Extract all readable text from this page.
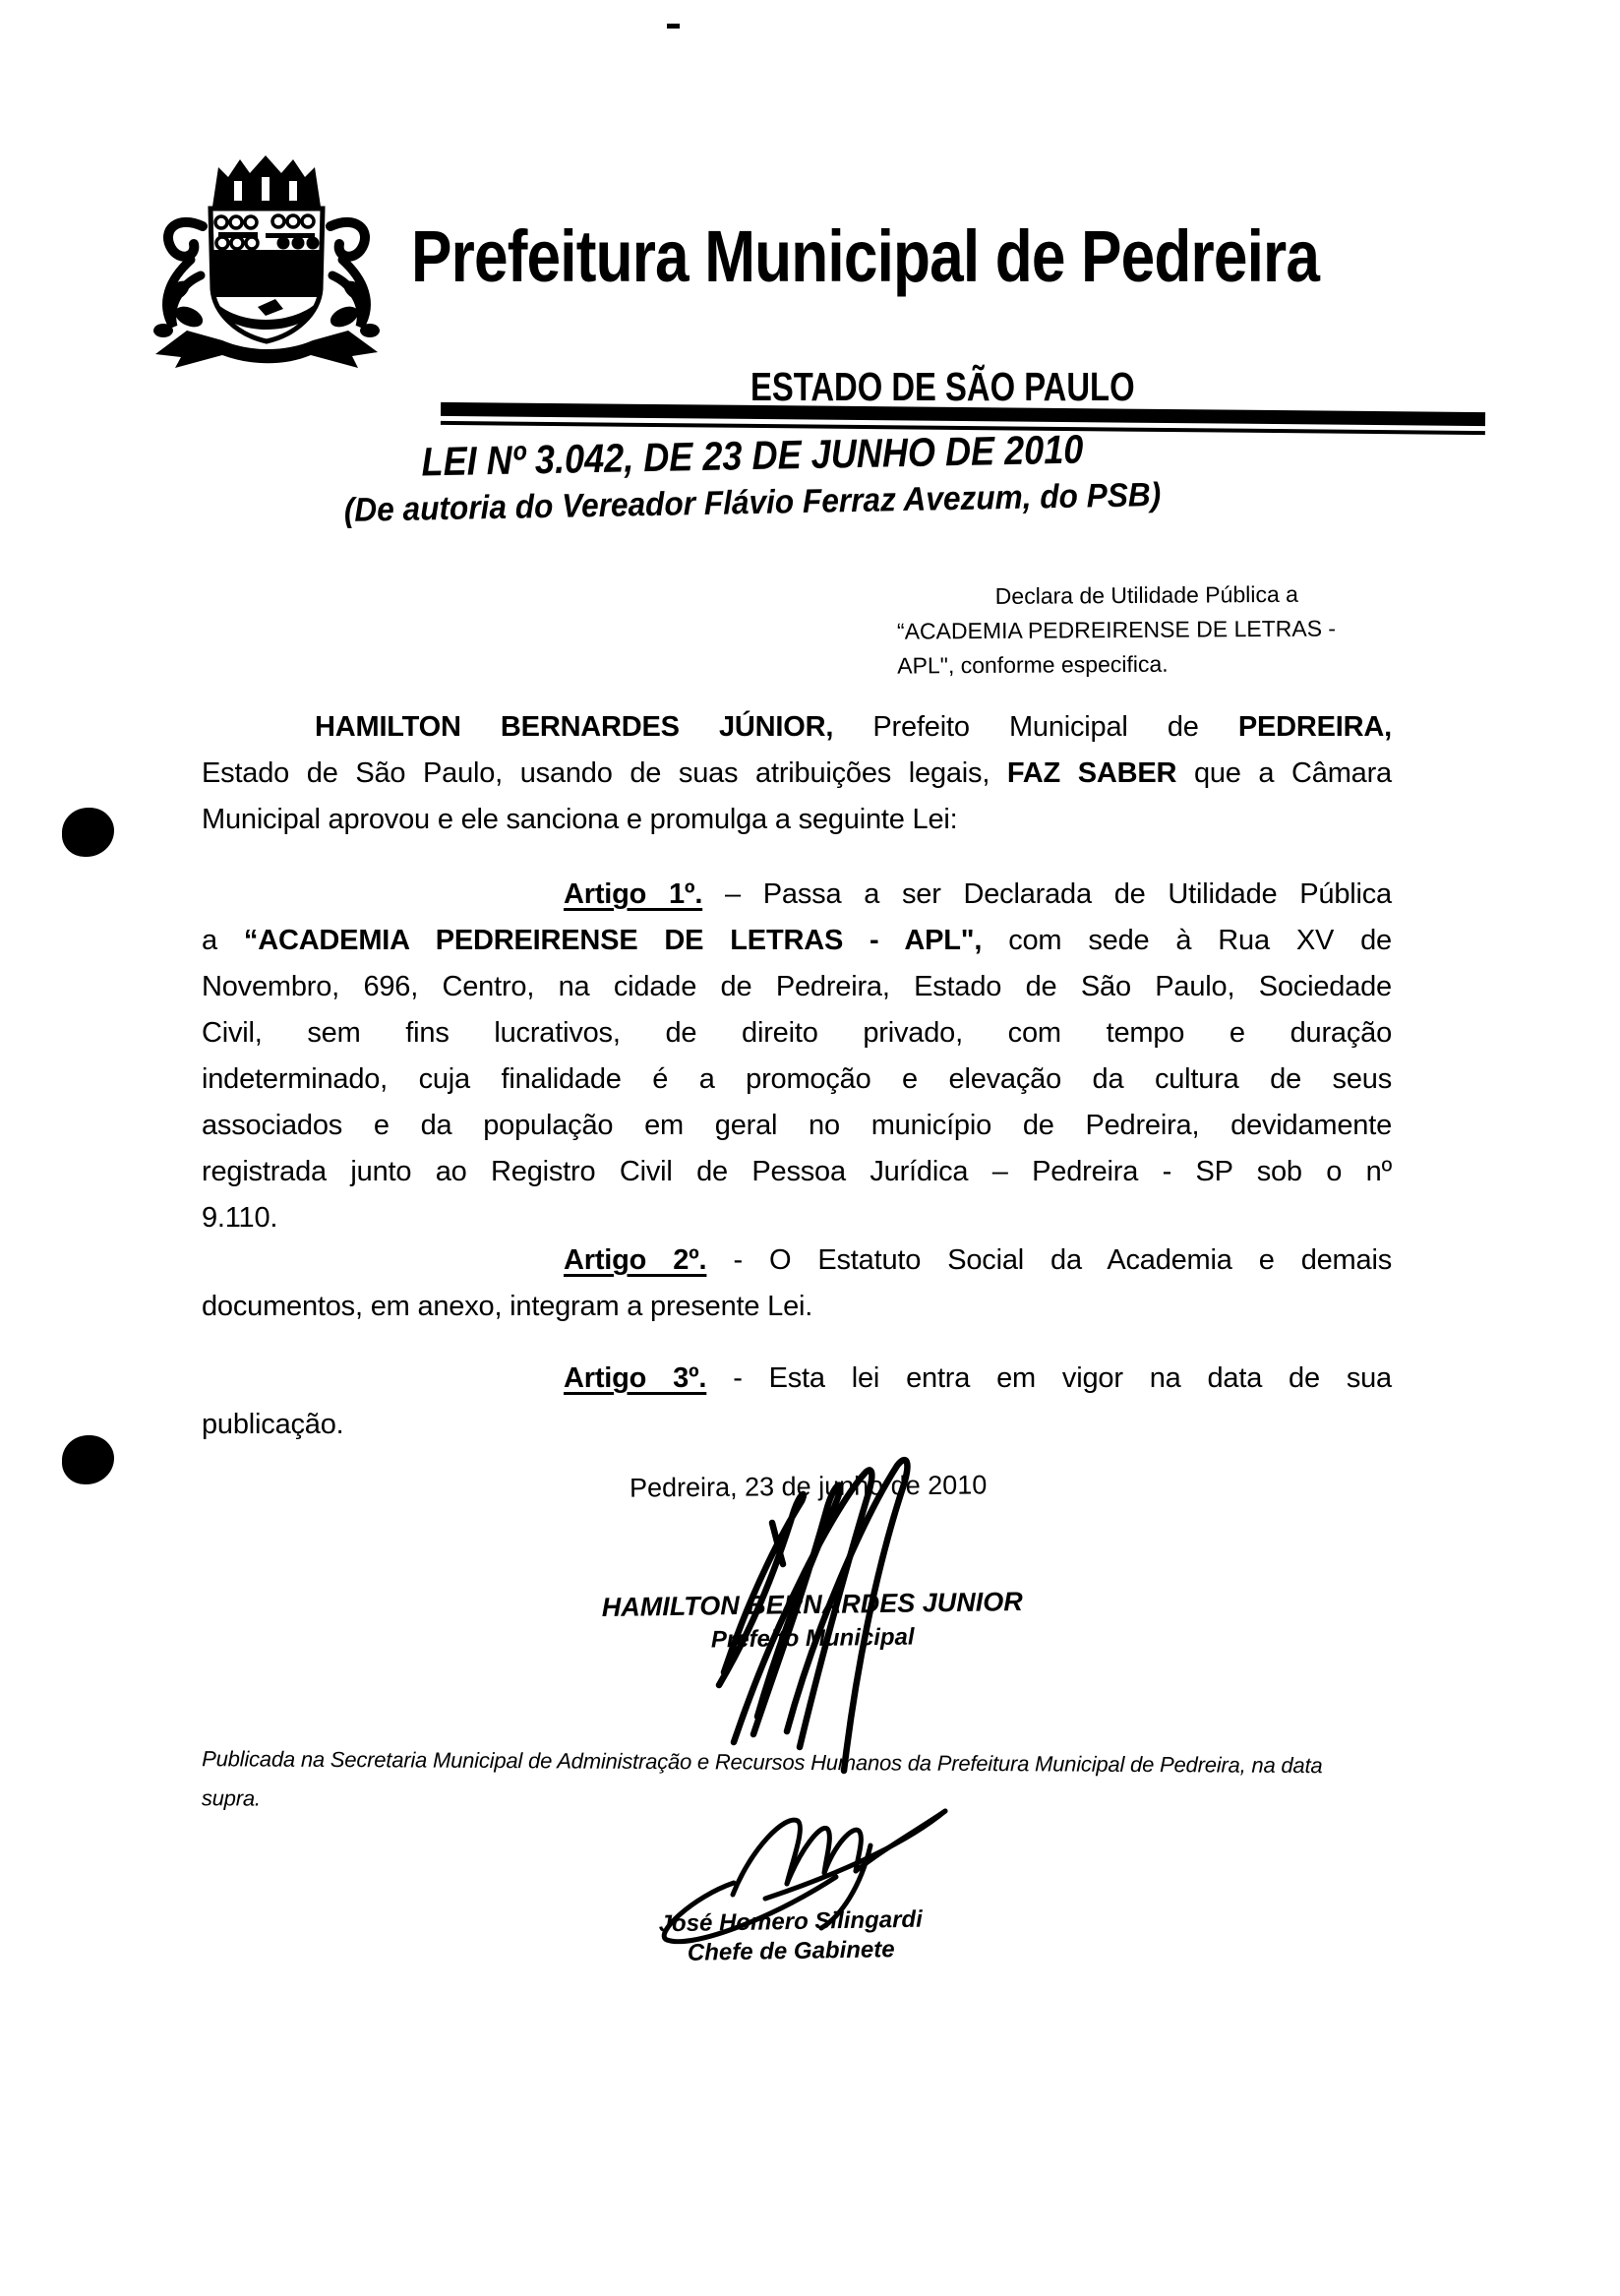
Prefeitura Municipal de Pedreira
ESTADO DE SÃO PAULO
LEI Nº 3.042, DE 23 DE JUNHO DE 2010
(De autoria do Vereador Flávio Ferraz Avezum, do PSB)
Declara de Utilidade Pública a
“ACADEMIA PEDREIRENSE DE LETRAS -
APL", conforme especifica.
HAMILTON BERNARDES JÚNIOR, Prefeito Municipal de PEDREIRA,
Estado de São Paulo, usando de suas atribuições legais, FAZ SABER que a Câmara
Municipal aprovou e ele sanciona e promulga a seguinte Lei:
Artigo 1º. – Passa a ser Declarada de Utilidade Pública
a “ACADEMIA PEDREIRENSE DE LETRAS - APL", com sede à Rua XV de
Novembro, 696, Centro, na cidade de Pedreira, Estado de São Paulo, Sociedade
Civil, sem fins lucrativos, de direito privado, com tempo e duração
indeterminado, cuja finalidade é a promoção e elevação da cultura de seus
associados e da população em geral no município de Pedreira, devidamente
registrada junto ao Registro Civil de Pessoa Jurídica – Pedreira - SP sob o nº
9.110.
Artigo 2º. - O Estatuto Social da Academia e demais
documentos, em anexo, integram a presente Lei.
Artigo 3º. - Esta lei entra em vigor na data de sua
publicação.
Pedreira, 23 de junho de 2010
HAMILTON BERNARDES JUNIOR
Prefeito Municipal
Publicada na Secretaria Municipal de Administração e Recursos Humanos da Prefeitura Municipal de Pedreira, na data
supra.
José Homero Silingardi
Chefe de Gabinete
